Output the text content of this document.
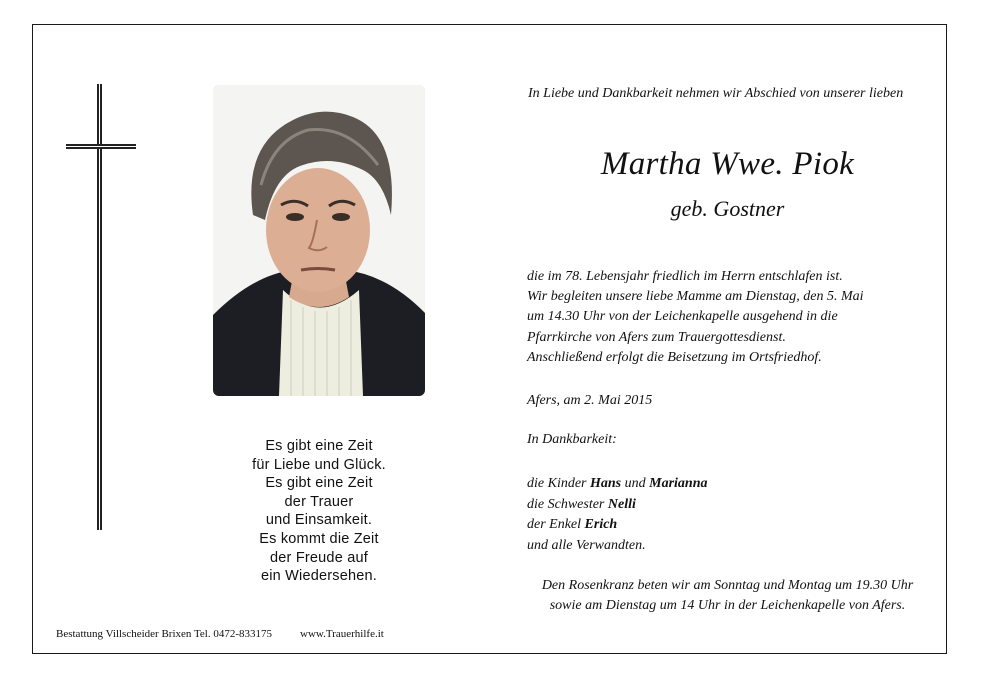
Es gibt eine Zeit
für Liebe und Glück.
Es gibt eine Zeit
der Trauer
und Einsamkeit.
Es kommt die Zeit
der Freude auf
ein Wiedersehen.
In Liebe und Dankbarkeit nehmen wir Abschied von unserer lieben
Martha Wwe. Piok
geb. Gostner
die im 78. Lebensjahr friedlich im Herrn entschlafen ist.
Wir begleiten unsere liebe Mamme am Dienstag, den 5. Mai
um 14.30 Uhr von der Leichenkapelle ausgehend in die
Pfarrkirche von Afers zum Trauergottesdienst.
Anschließend erfolgt die Beisetzung im Ortsfriedhof.
Afers, am 2. Mai 2015
In Dankbarkeit:
die Kinder Hans und Marianna
die Schwester Nelli
der Enkel Erich
und alle Verwandten.
Den Rosenkranz beten wir am Sonntag und Montag um 19.30 Uhr
sowie am Dienstag um 14 Uhr in der Leichenkapelle von Afers.
Bestattung Villscheider Brixen Tel. 0472-833175	www.Trauerhilfe.it
